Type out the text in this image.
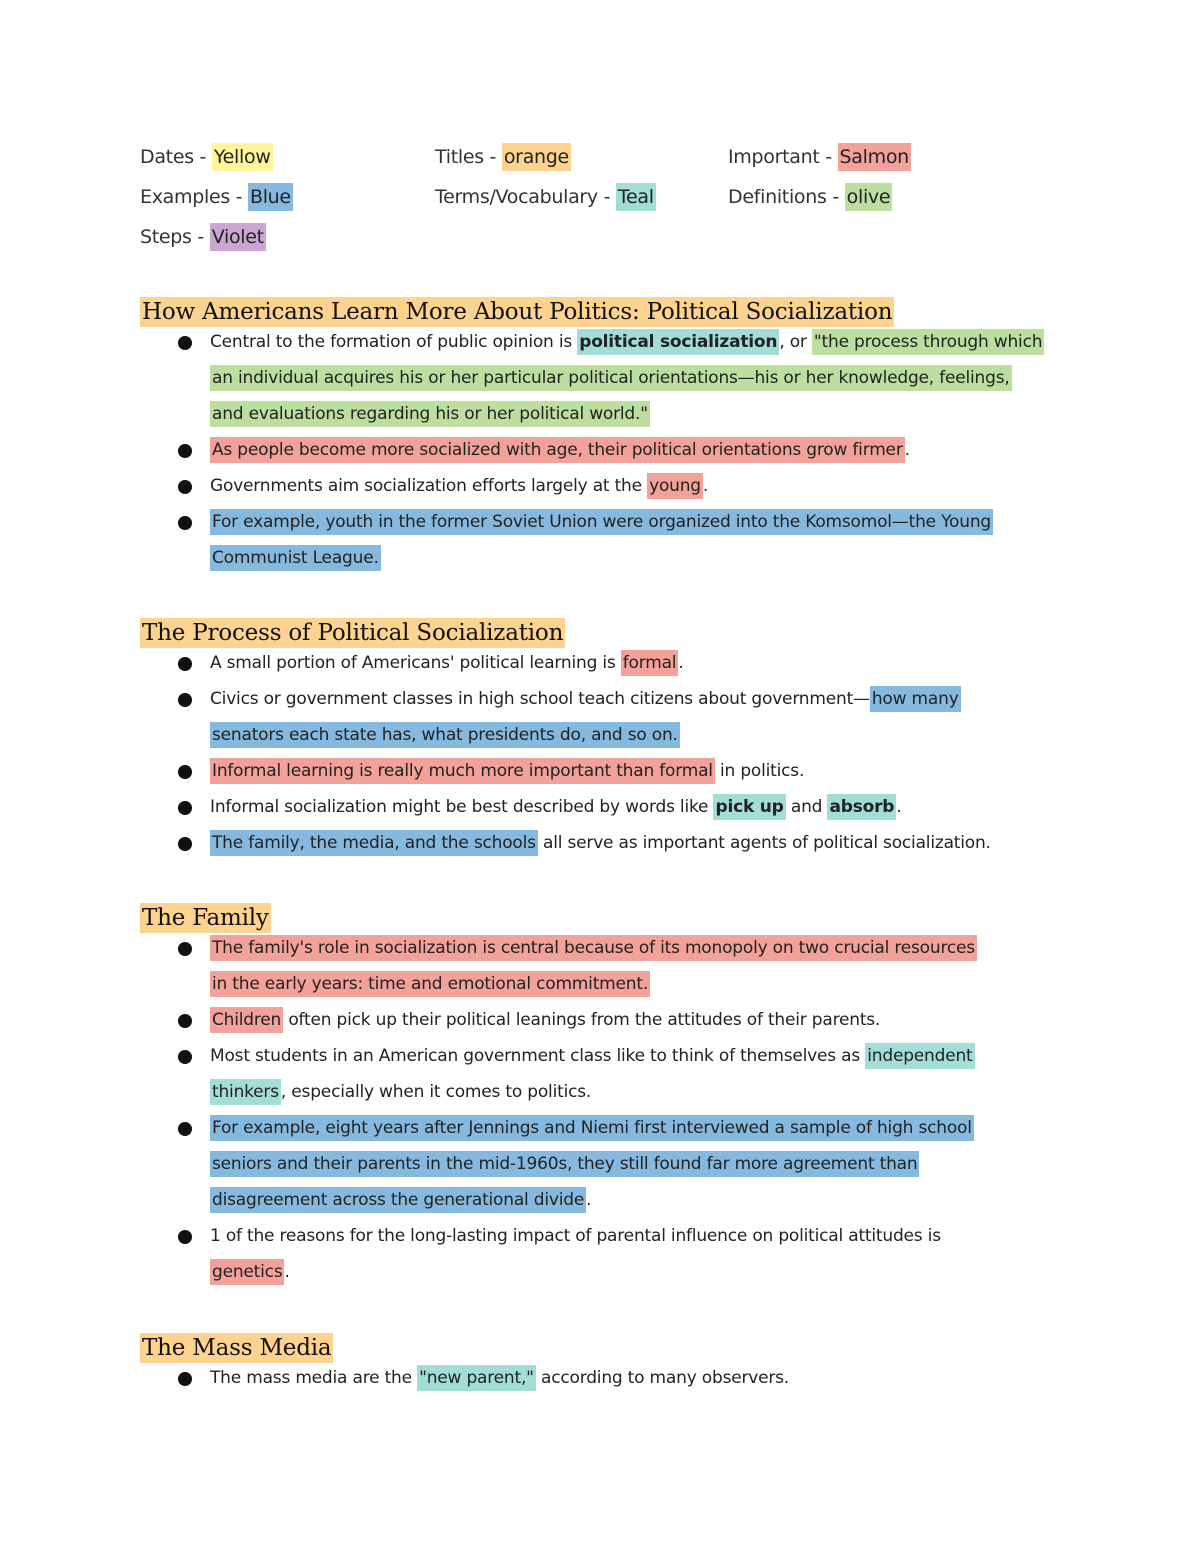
Dates - Yellow	Titles - orange	Important - Salmon
Examples - Blue	Terms/Vocabulary - Teal	Definitions - olive
Steps - Violet
How Americans Learn More About Politics: Political Socialization
Central to the formation of public opinion is political socialization , or "the process through which
an individual acquires his or her particular political orientations—his or her knowledge, feelings,
and evaluations regarding his or her political world."
As people become more socialized with age, their political orientations grow firmer .
Governments aim socialization efforts largely at the young .
For example, youth in the former Soviet Union were organized into the Komsomol—the Young
Communist League.
The Process of Political Socialization
A small portion of Americans' political learning is formal .
Civics or government classes in high school teach citizens about government— how many
senators each state has, what presidents do, and so on.
Informal learning is really much more important than formal in politics.
Informal socialization might be best described by words like pick up and absorb .
The family, the media, and the schools all serve as important agents of political socialization.
The Family
The family's role in socialization is central because of its monopoly on two crucial resources
in the early years: time and emotional commitment.
Children often pick up their political leanings from the attitudes of their parents.
Most students in an American government class like to think of themselves as independent
thinkers , especially when it comes to politics.
For example, eight years after Jennings and Niemi first interviewed a sample of high school
seniors and their parents in the mid-1960s, they still found far more agreement than
disagreement across the generational divide .
1 of the reasons for the long-lasting impact of parental influence on political attitudes is
genetics .
The Mass Media
The mass media are the "new parent," according to many observers.
